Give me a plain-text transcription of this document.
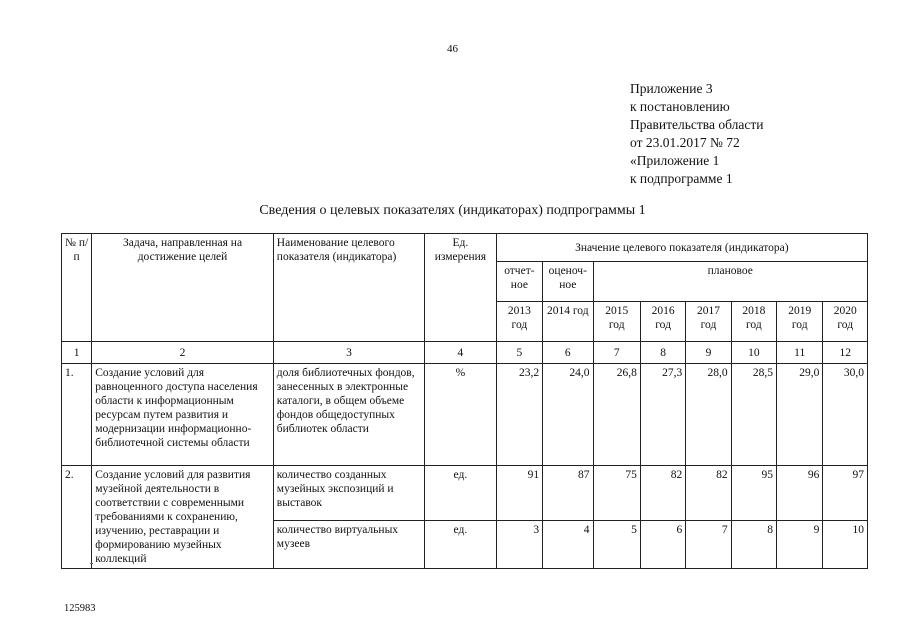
46
Приложение 3
к постановлению
Правительства области
от 23.01.2017 № 72
«Приложение 1
к подпрограмме 1
Сведения о целевых показателях (индикаторах) подпрограммы 1
№ п/п	Задача, направленная на достижение целей	Наименование целевого показателя (индикатора)	Ед. измерения	Значение целевого показателя (индикатора)							
				отчет-ное	оценоч-ное	плановое					
				2013 год	2014 год	2015 год	2016 год	2017 год	2018 год	2019 год	2020 год
1	2	3	4	5	6	7	8	9	10	11	12
1.	Создание условий для равноценного доступа населения области к информационным ресурсам путем развития и модернизации информационно-библиотечной системы области	доля библиотечных фондов, занесенных в электронные каталоги, в общем объеме фондов общедоступных библиотек области	%	23,2	24,0	26,8	27,3	28,0	28,5	29,0	30,0
2.	Создание условий для развития музейной деятельности в соответствии с современными требованиями к сохранению, изучению, реставрации и формированию музейных коллекций	количество созданных музейных экспозиций и выставок	ед.	91	87	75	82	82	95	96	97
		количество виртуальных музеев	ед.	3	4	5	6	7	8	9	10
125983
